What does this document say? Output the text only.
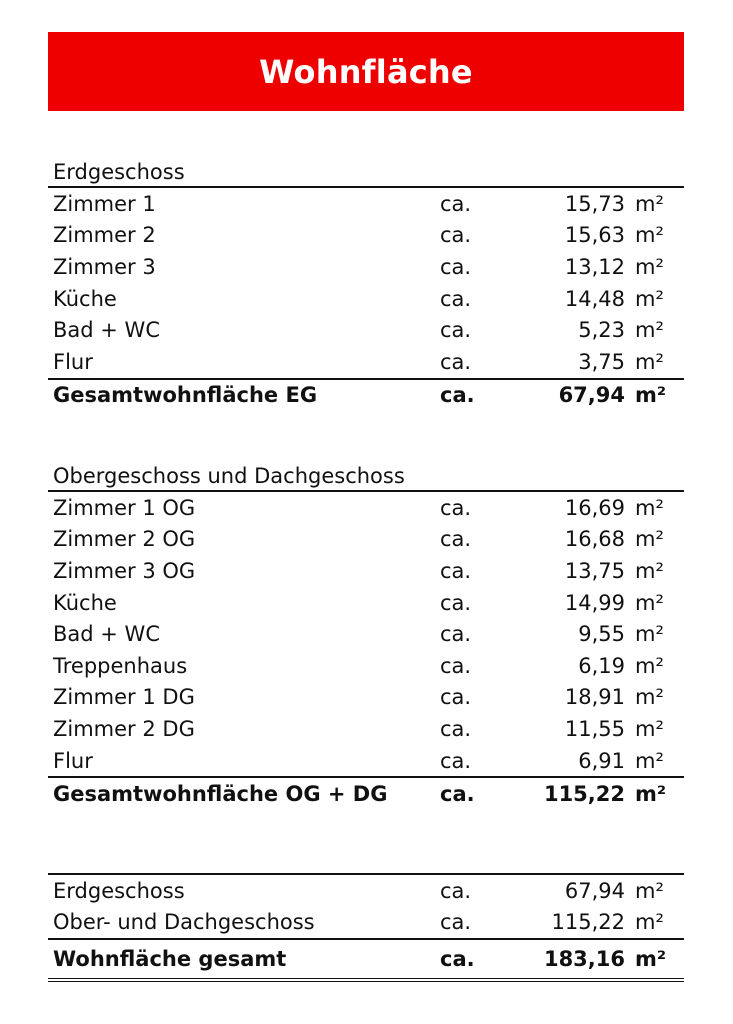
Wohnfläche
Erdgeschoss
Zimmer 1	ca.	15,73 m²
Zimmer 2	ca.	15,63 m²
Zimmer 3	ca.	13,12 m²
Küche	ca.	14,48 m²
Bad + WC	ca.	5,23 m²
Flur	ca.	3,75 m²
Gesamtwohnfläche EG	ca.	67,94 m²
Obergeschoss und Dachgeschoss
Zimmer 1 OG	ca.	16,69 m²
Zimmer 2 OG	ca.	16,68 m²
Zimmer 3 OG	ca.	13,75 m²
Küche	ca.	14,99 m²
Bad + WC	ca.	9,55 m²
Treppenhaus	ca.	6,19 m²
Zimmer 1 DG	ca.	18,91 m²
Zimmer 2 DG	ca.	11,55 m²
Flur	ca.	6,91 m²
Gesamtwohnfläche OG + DG	ca.	115,22 m²
Erdgeschoss	ca.	67,94 m²
Ober- und Dachgeschoss	ca.	115,22 m²
Wohnfläche gesamt	ca.	183,16 m²
